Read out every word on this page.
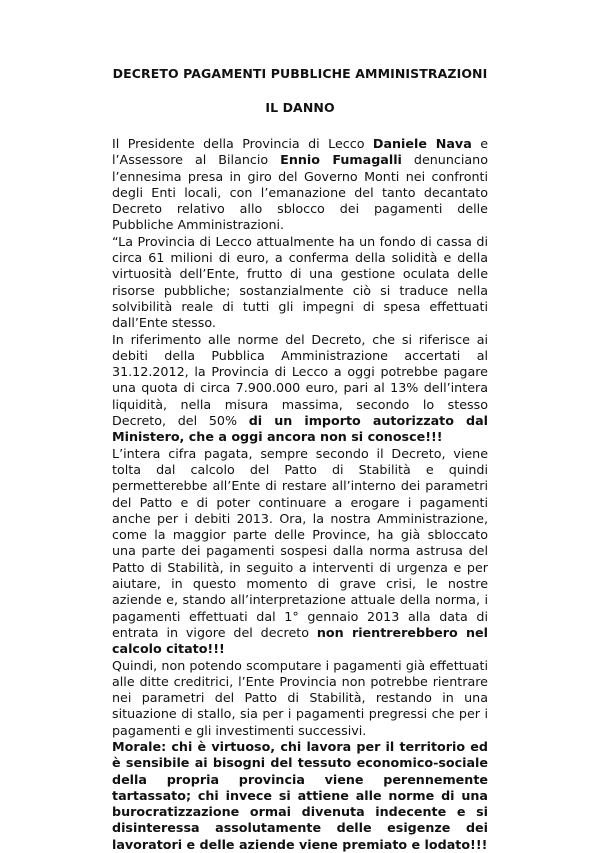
DECRETO PAGAMENTI PUBBLICHE AMMINISTRAZIONI
IL DANNO

Il Presidente della Provincia di Lecco Daniele Nava e l’Assessore al Bilancio Ennio Fumagalli denunciano l’ennesima presa in giro del Governo Monti nei confronti degli Enti locali, con l’emanazione del tanto decantato Decreto relativo allo sblocco dei pagamenti delle Pubbliche Amministrazioni.

“La Provincia di Lecco attualmente ha un fondo di cassa di circa 61 milioni di euro, a conferma della solidità e della virtuosità dell’Ente, frutto di una gestione oculata delle risorse pubbliche; sostanzialmente ciò si traduce nella solvibilità reale di tutti gli impegni di spesa effettuati dall’Ente stesso.

In riferimento alle norme del Decreto, che si riferisce ai debiti della Pubblica Amministrazione accertati al 31.12.2012, la Provincia di Lecco a oggi potrebbe pagare una quota di circa 7.900.000 euro, pari al 13% dell’intera liquidità, nella misura massima, secondo lo stesso Decreto, del 50% di un importo autorizzato dal Ministero, che a oggi ancora non si conosce!!!

L’intera cifra pagata, sempre secondo il Decreto, viene tolta dal calcolo del Patto di Stabilità e quindi permetterebbe all’Ente di restare all’interno dei parametri del Patto e di poter continuare a erogare i pagamenti anche per i debiti 2013. Ora, la nostra Amministrazione, come la maggior parte delle Province, ha già sbloccato una parte dei pagamenti sospesi dalla norma astrusa del Patto di Stabilità, in seguito a interventi di urgenza e per aiutare, in questo momento di grave crisi, le nostre aziende e, stando all’interpretazione attuale della norma, i pagamenti effettuati dal 1° gennaio 2013 alla data di entrata in vigore del decreto non rientrerebbero nel calcolo citato!!!

Quindi, non potendo scomputare i pagamenti già effettuati alle ditte creditrici, l’Ente Provincia non potrebbe rientrare nei parametri del Patto di Stabilità, restando in una situazione di stallo, sia per i pagamenti pregressi che per i pagamenti e gli investimenti successivi.

Morale: chi è virtuoso, chi lavora per il territorio ed è sensibile ai bisogni del tessuto economico-sociale della propria provincia viene perennemente tartassato; chi invece si attiene alle norme di una burocratizzazione ormai divenuta indecente e si disinteressa assolutamente delle esigenze dei lavoratori e delle aziende viene premiato e lodato!!!
